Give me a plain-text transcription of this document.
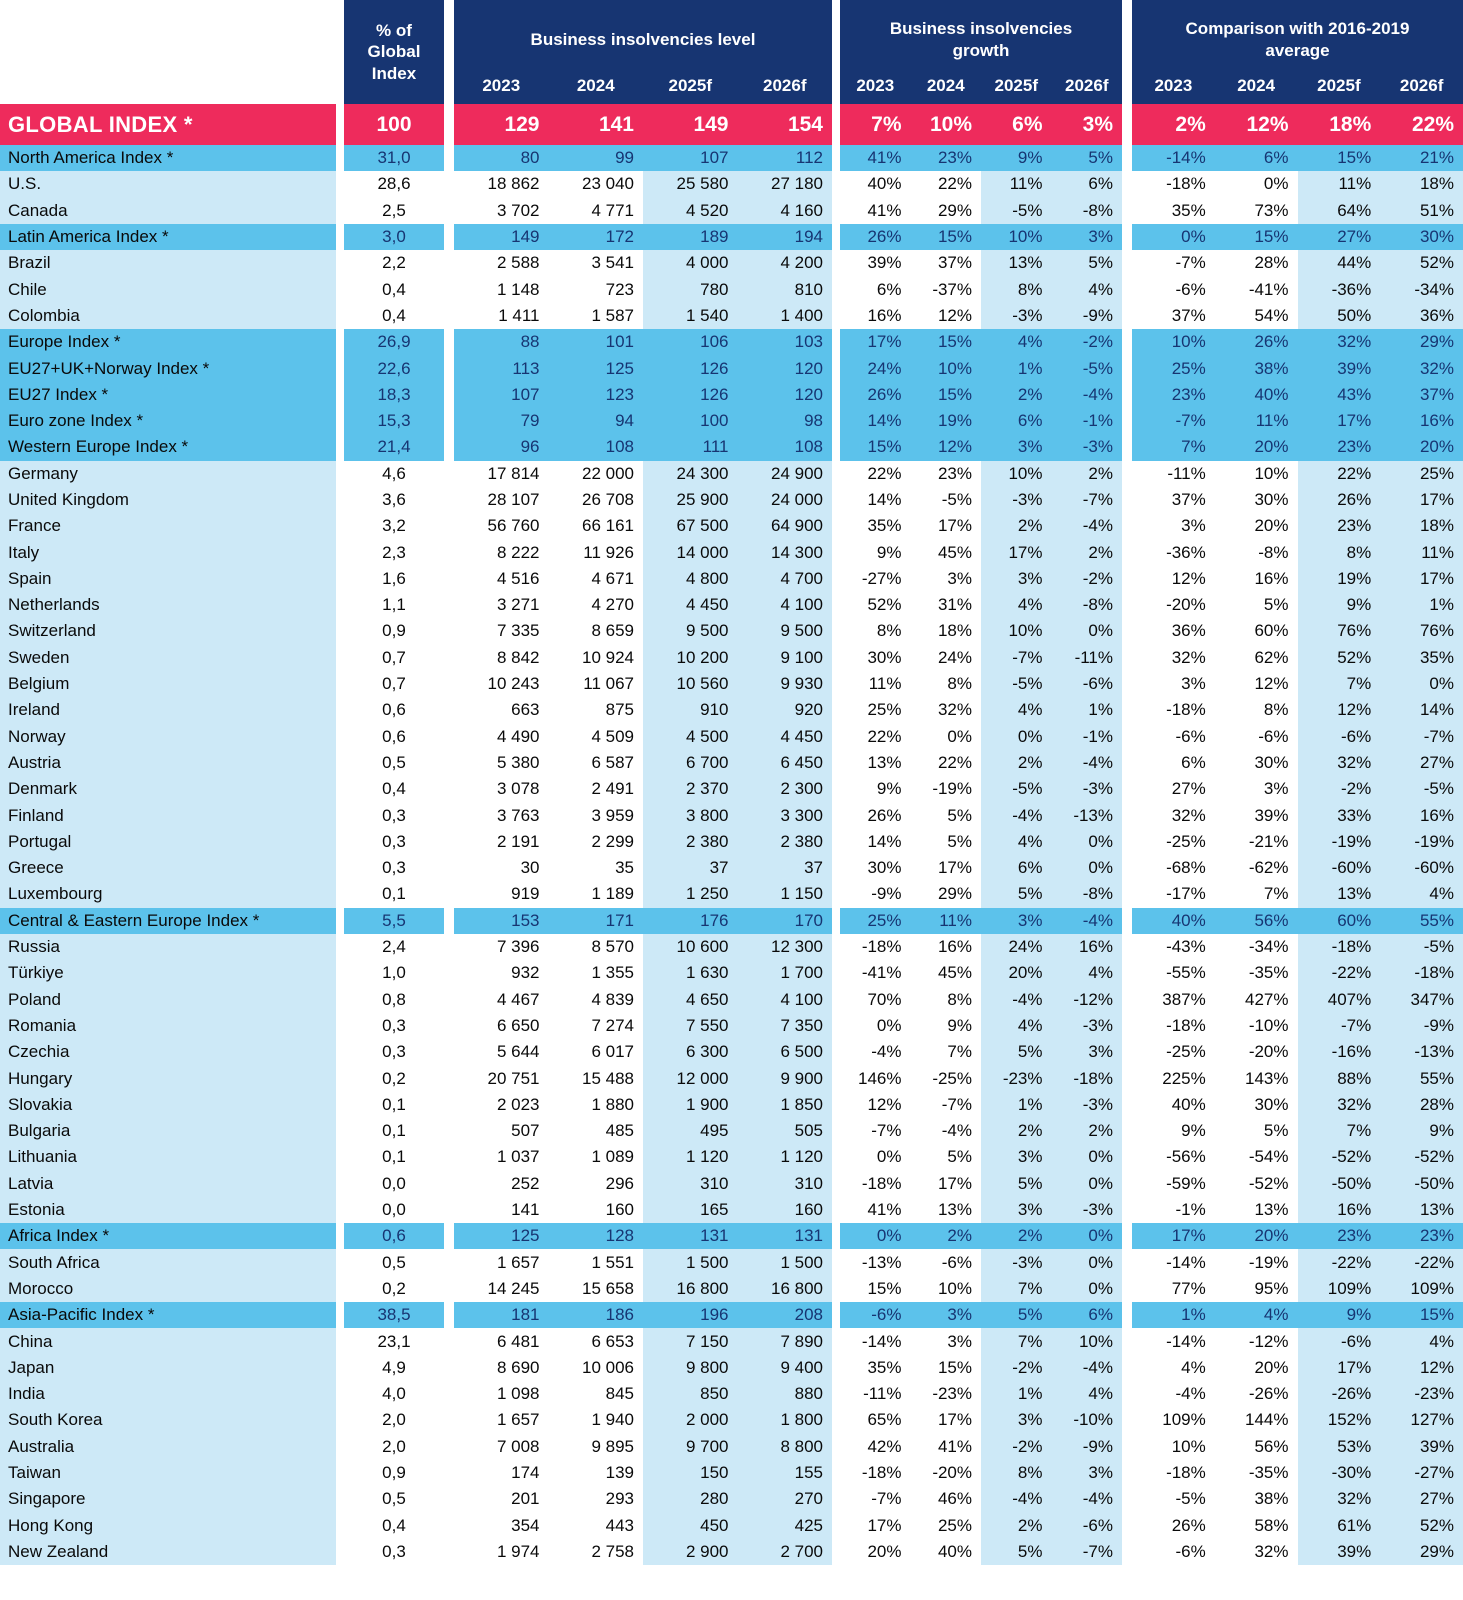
% of Global Index
Business insolvencies level
2023	2024	2025f	2026f
Business insolvencies growth
2023	2024	2025f	2026f
Comparison with 2016-2019 average
2023	2024	2025f	2026f
GLOBAL INDEX *	100	129	141	149	154	7%	10%	6%	3%	2%	12%	18%	22%
North America Index *	31,0	80	99	107	112	41%	23%	9%	5%	-14%	6%	15%	21%
U.S.	28,6	18 862	23 040	25 580	27 180	40%	22%	11%	6%	-18%	0%	11%	18%
Canada	2,5	3 702	4 771	4 520	4 160	41%	29%	-5%	-8%	35%	73%	64%	51%
Latin America Index *	3,0	149	172	189	194	26%	15%	10%	3%	0%	15%	27%	30%
Brazil	2,2	2 588	3 541	4 000	4 200	39%	37%	13%	5%	-7%	28%	44%	52%
Chile	0,4	1 148	723	780	810	6%	-37%	8%	4%	-6%	-41%	-36%	-34%
Colombia	0,4	1 411	1 587	1 540	1 400	16%	12%	-3%	-9%	37%	54%	50%	36%
Europe Index *	26,9	88	101	106	103	17%	15%	4%	-2%	10%	26%	32%	29%
EU27+UK+Norway Index *	22,6	113	125	126	120	24%	10%	1%	-5%	25%	38%	39%	32%
EU27 Index *	18,3	107	123	126	120	26%	15%	2%	-4%	23%	40%	43%	37%
Euro zone Index *	15,3	79	94	100	98	14%	19%	6%	-1%	-7%	11%	17%	16%
Western Europe Index *	21,4	96	108	111	108	15%	12%	3%	-3%	7%	20%	23%	20%
Germany	4,6	17 814	22 000	24 300	24 900	22%	23%	10%	2%	-11%	10%	22%	25%
United Kingdom	3,6	28 107	26 708	25 900	24 000	14%	-5%	-3%	-7%	37%	30%	26%	17%
France	3,2	56 760	66 161	67 500	64 900	35%	17%	2%	-4%	3%	20%	23%	18%
Italy	2,3	8 222	11 926	14 000	14 300	9%	45%	17%	2%	-36%	-8%	8%	11%
Spain	1,6	4 516	4 671	4 800	4 700	-27%	3%	3%	-2%	12%	16%	19%	17%
Netherlands	1,1	3 271	4 270	4 450	4 100	52%	31%	4%	-8%	-20%	5%	9%	1%
Switzerland	0,9	7 335	8 659	9 500	9 500	8%	18%	10%	0%	36%	60%	76%	76%
Sweden	0,7	8 842	10 924	10 200	9 100	30%	24%	-7%	-11%	32%	62%	52%	35%
Belgium	0,7	10 243	11 067	10 560	9 930	11%	8%	-5%	-6%	3%	12%	7%	0%
Ireland	0,6	663	875	910	920	25%	32%	4%	1%	-18%	8%	12%	14%
Norway	0,6	4 490	4 509	4 500	4 450	22%	0%	0%	-1%	-6%	-6%	-6%	-7%
Austria	0,5	5 380	6 587	6 700	6 450	13%	22%	2%	-4%	6%	30%	32%	27%
Denmark	0,4	3 078	2 491	2 370	2 300	9%	-19%	-5%	-3%	27%	3%	-2%	-5%
Finland	0,3	3 763	3 959	3 800	3 300	26%	5%	-4%	-13%	32%	39%	33%	16%
Portugal	0,3	2 191	2 299	2 380	2 380	14%	5%	4%	0%	-25%	-21%	-19%	-19%
Greece	0,3	30	35	37	37	30%	17%	6%	0%	-68%	-62%	-60%	-60%
Luxembourg	0,1	919	1 189	1 250	1 150	-9%	29%	5%	-8%	-17%	7%	13%	4%
Central & Eastern Europe Index *	5,5	153	171	176	170	25%	11%	3%	-4%	40%	56%	60%	55%
Russia	2,4	7 396	8 570	10 600	12 300	-18%	16%	24%	16%	-43%	-34%	-18%	-5%
Türkiye	1,0	932	1 355	1 630	1 700	-41%	45%	20%	4%	-55%	-35%	-22%	-18%
Poland	0,8	4 467	4 839	4 650	4 100	70%	8%	-4%	-12%	387%	427%	407%	347%
Romania	0,3	6 650	7 274	7 550	7 350	0%	9%	4%	-3%	-18%	-10%	-7%	-9%
Czechia	0,3	5 644	6 017	6 300	6 500	-4%	7%	5%	3%	-25%	-20%	-16%	-13%
Hungary	0,2	20 751	15 488	12 000	9 900	146%	-25%	-23%	-18%	225%	143%	88%	55%
Slovakia	0,1	2 023	1 880	1 900	1 850	12%	-7%	1%	-3%	40%	30%	32%	28%
Bulgaria	0,1	507	485	495	505	-7%	-4%	2%	2%	9%	5%	7%	9%
Lithuania	0,1	1 037	1 089	1 120	1 120	0%	5%	3%	0%	-56%	-54%	-52%	-52%
Latvia	0,0	252	296	310	310	-18%	17%	5%	0%	-59%	-52%	-50%	-50%
Estonia	0,0	141	160	165	160	41%	13%	3%	-3%	-1%	13%	16%	13%
Africa Index *	0,6	125	128	131	131	0%	2%	2%	0%	17%	20%	23%	23%
South Africa	0,5	1 657	1 551	1 500	1 500	-13%	-6%	-3%	0%	-14%	-19%	-22%	-22%
Morocco	0,2	14 245	15 658	16 800	16 800	15%	10%	7%	0%	77%	95%	109%	109%
Asia-Pacific Index *	38,5	181	186	196	208	-6%	3%	5%	6%	1%	4%	9%	15%
China	23,1	6 481	6 653	7 150	7 890	-14%	3%	7%	10%	-14%	-12%	-6%	4%
Japan	4,9	8 690	10 006	9 800	9 400	35%	15%	-2%	-4%	4%	20%	17%	12%
India	4,0	1 098	845	850	880	-11%	-23%	1%	4%	-4%	-26%	-26%	-23%
South Korea	2,0	1 657	1 940	2 000	1 800	65%	17%	3%	-10%	109%	144%	152%	127%
Australia	2,0	7 008	9 895	9 700	8 800	42%	41%	-2%	-9%	10%	56%	53%	39%
Taiwan	0,9	174	139	150	155	-18%	-20%	8%	3%	-18%	-35%	-30%	-27%
Singapore	0,5	201	293	280	270	-7%	46%	-4%	-4%	-5%	38%	32%	27%
Hong Kong	0,4	354	443	450	425	17%	25%	2%	-6%	26%	58%	61%	52%
New Zealand	0,3	1 974	2 758	2 900	2 700	20%	40%	5%	-7%	-6%	32%	39%	29%
